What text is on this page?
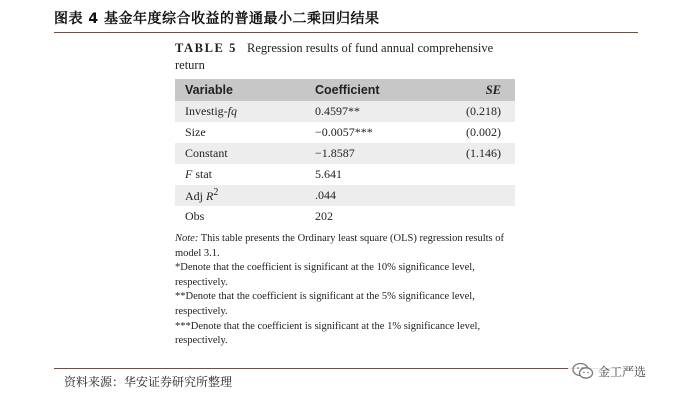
图表 4 基金年度综合收益的普通最小二乘回归结果
TABLE 5 Regression results of fund annual comprehensive return
Variable	Coefficient	SE
Investig-fq	0.4597**	(0.218)
Size	−0.0057***	(0.002)
Constant	−1.8587	(1.146)
F stat	5.641	
Adj $R^2$	.044	
Obs	202	
Note: This table presents the Ordinary least square (OLS) regression results of model 3.1.
*Denote that the coefficient is significant at the 10% significance level, respectively.
**Denote that the coefficient is significant at the 5% significance level, respectively.
***Denote that the coefficient is significant at the 1% significance level, respectively.
资料来源：华安证券研究所整理
金工严选
